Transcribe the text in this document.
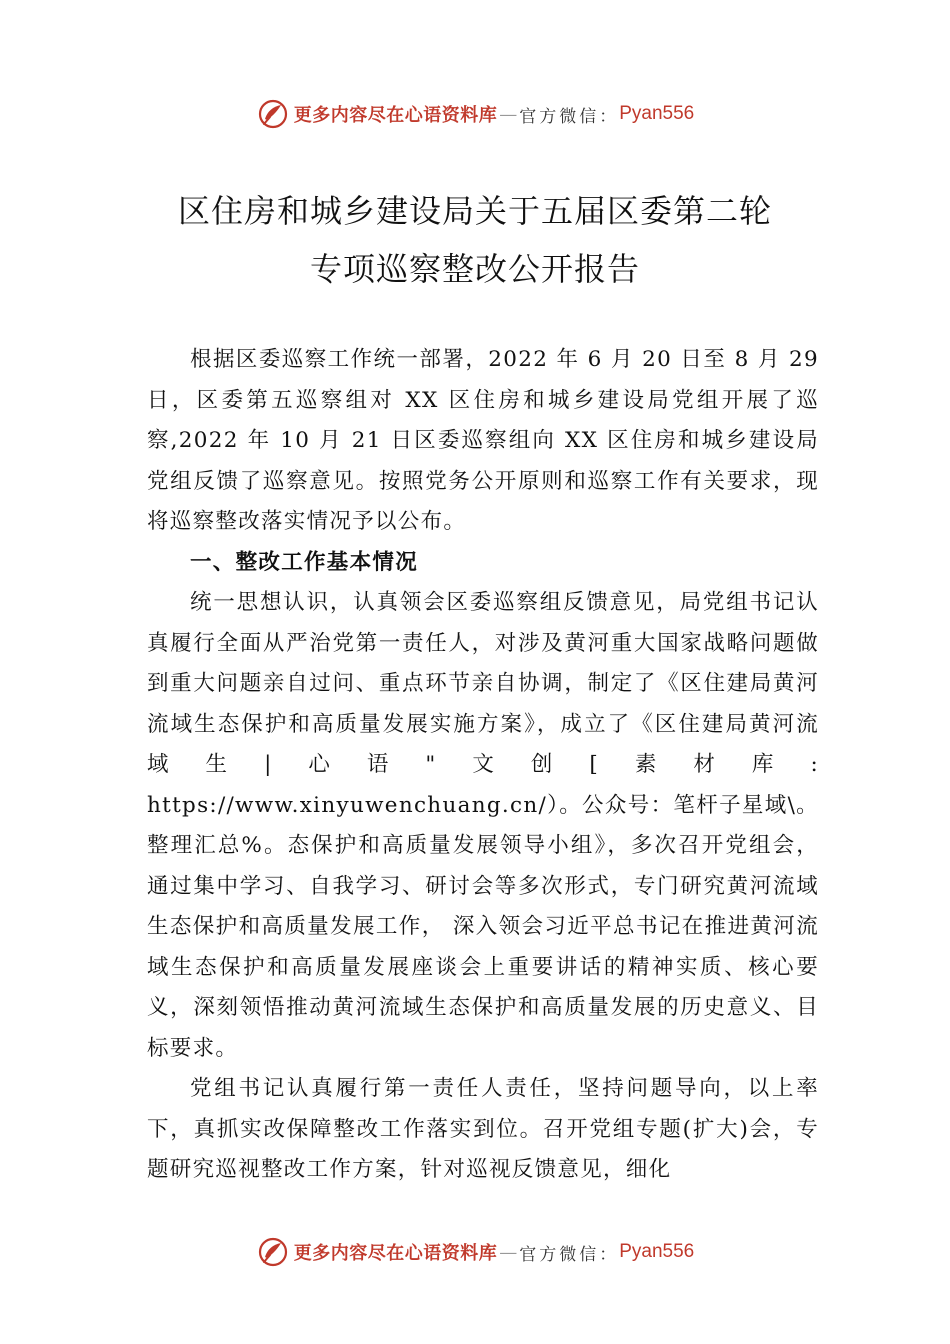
更多内容尽在心语资料库 — 官方微信： Pyan556
区住房和城乡建设局关于五届区委第二轮
专项巡察整改公开报告

根据区委巡察工作统一部署，2022 年 6 月 20 日至 8 月 29 日，区委第五巡察组对 XX 区住房和城乡建设局党组开展了巡察,2022 年 10 月 21 日区委巡察组向 XX 区住房和城乡建设局党组反馈了巡察意见。按照党务公开原则和巡察工作有关要求，现将巡察整改落实情况予以公布。

一、整改工作基本情况

统一思想认识，认真领会区委巡察组反馈意见，局党组书记认真履行全面从严治党第一责任人，对涉及黄河重大国家战略问题做到重大问题亲自过问、重点环节亲自协调，制定了《区住建局黄河流域生态保护和高质量发展实施方案》，成立了《区住建局黄河流域生|心语"文创[素材库: https://www.xinyuwenchuang.cn/）。公众号：笔杆子星域\。整理汇总%。态保护和高质量发展领导小组》，多次召开党组会，通过集中学习、自我学习、研讨会等多次形式，专门研究黄河流域生态保护和高质量发展工作， 深入领会习近平总书记在推进黄河流域生态保护和高质量发展座谈会上重要讲话的精神实质、核心要义，深刻领悟推动黄河流域生态保护和高质量发展的历史意义、目标要求。

党组书记认真履行第一责任人责任，坚持问题导向，以上率下，真抓实改保障整改工作落实到位。召开党组专题(扩大)会，专题研究巡视整改工作方案，针对巡视反馈意见，细化

更多内容尽在心语资料库 — 官方微信： Pyan556
